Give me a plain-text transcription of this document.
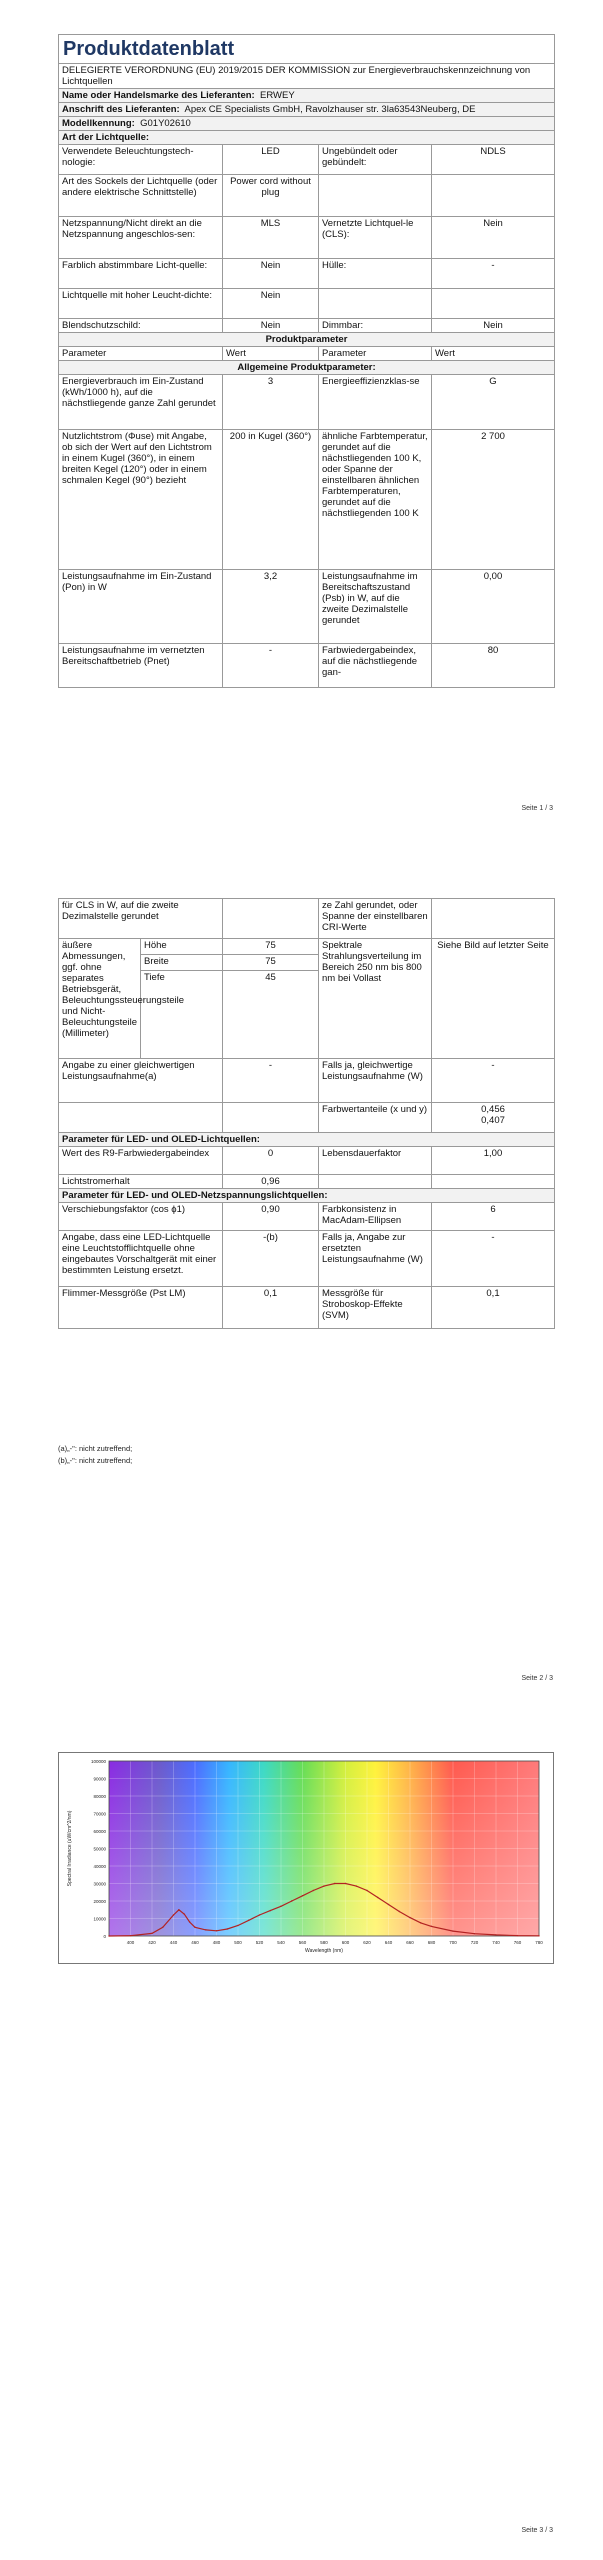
Produktdatenblatt			
DELEGIERTE VERORDNUNG (EU) 2019/2015 DER KOMMISSION zur Energieverbrauchskennzeichnung von Lichtquellen			
Name oder Handelsmarke des Lieferanten: ERWEY			
Anschrift des Lieferanten: Apex CE Specialists GmbH, Ravolzhauser str. 3la63543Neuberg, DE			
Modellkennung: G01Y02610			
Art der Lichtquelle:			
Verwendete Beleuchtungstech-nologie:	LED	Ungebündelt oder gebündelt:	NDLS
Art des Sockels der Lichtquelle (oder andere elektrische Schnittstelle)	Power cord without plug		
Netzspannung/Nicht direkt an die Netzspannung angeschlos-sen:	MLS	Vernetzte Lichtquel-le (CLS):	Nein
Farblich abstimmbare Licht-quelle:	Nein	Hülle:	-
Lichtquelle mit hoher Leucht-dichte:	Nein		
Blendschutzschild:	Nein	Dimmbar:	Nein
Produktparameter			
Parameter	Wert	Parameter	Wert
Allgemeine Produktparameter:			
Energieverbrauch im Ein-Zustand (kWh/1000 h), auf die nächstliegende ganze Zahl gerundet	3	Energieeffizienzklas-se	G
Nutzlichtstrom (Φuse) mit Angabe, ob sich der Wert auf den Lichtstrom in einem Kugel (360°), in einem breiten Kegel (120°) oder in einem schmalen Kegel (90°) bezieht	200 in Kugel (360°)	ähnliche Farbtemperatur, gerundet auf die nächstliegenden 100 K, oder Spanne der einstellbaren ähnlichen Farbtemperaturen, gerundet auf die nächstliegenden 100 K	2 700
Leistungsaufnahme im Ein-Zustand (Pon) in W	3,2	Leistungsaufnahme im Bereitschaftszustand (Psb) in W, auf die zweite Dezimalstelle gerundet	0,00
Leistungsaufnahme im vernetzten Bereitschaftbetrieb (Pnet)	-	Farbwiedergabeindex, auf die nächstliegende gan-	80
Seite 1 / 3
für CLS in W, auf die zweite Dezimalstelle gerundet			ze Zahl gerundet, oder Spanne der einstellbaren CRI-Werte	
äußere Abmessungen, ggf. ohne separates Betriebsgerät, Beleuchtungssteuerungsteile und Nicht-Beleuchtungsteile (Millimeter)	Höhe	75	Spektrale Strahlungsverteilung im Bereich 250 nm bis 800 nm bei Vollast	Siehe Bild auf letzter Seite
	Breite	75		
	Tiefe	45		
Angabe zu einer gleichwertigen Leistungsaufnahme(a)		-	Falls ja, gleichwertige Leistungsaufnahme (W)	-
			Farbwertanteile (x und y)	0,456
0,407

Parameter für LED- und OLED-Lichtquellen:				
Wert des R9-Farbwiedergabeindex		0	Lebensdauerfaktor	1,00
Lichtstromerhalt		0,96		
Parameter für LED- und OLED-Netzspannungslichtquellen:				
Verschiebungsfaktor (cos ϕ1)		0,90	Farbkonsistenz in MacAdam-Ellipsen	6
Angabe, dass eine LED-Lichtquelle eine Leuchtstofflichtquelle ohne eingebautes Vorschaltgerät mit einer bestimmten Leistung ersetzt.		-(b)	Falls ja, Angabe zur ersetzten Leistungsaufnahme (W)	-
Flimmer-Messgröße (Pst LM)		0,1	Messgröße für Stroboskop-Effekte (SVM)	0,1
(a)„-": nicht zutreffend;
(b)„-": nicht zutreffend;
Seite 2 / 3
0
10000
20000
30000
40000
50000
60000
70000
80000
90000
100000
400	420	440	460	480	500	520	540	560	580	600	620	640	660	680	700	720	740	760	780
Wavelength (nm)
Spectral Irradiance (uW/cm^2/nm)
Seite 3 / 3
